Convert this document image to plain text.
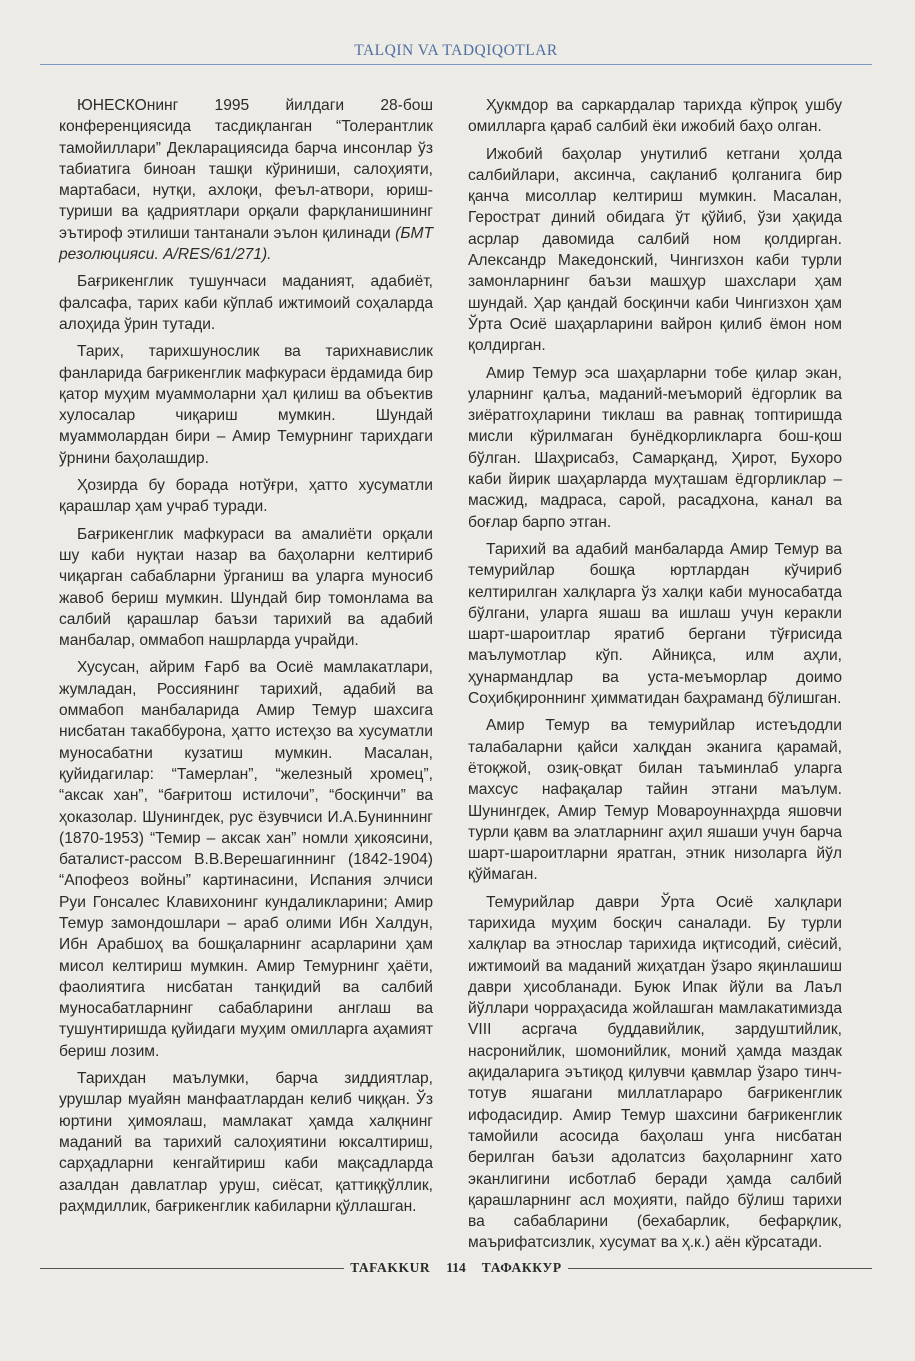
TALQIN VA TADQIQOTLAR

ЮНЕСКОнинг 1995 йилдаги 28-бош конференциясида тасдиқланган “Толерантлик тамойиллари” Декларациясида барча инсонлар ўз табиатига биноан ташқи кўриниши, салоҳияти, мартабаси, нутқи, ахлоқи, феъл-атвори, юриш-туриши ва қадриятлари орқали фарқланишининг эътироф этилиши тантанали эълон қилинади (БМТ резолюцияси. A/RES/61/271).

Бағрикенглик тушунчаси маданият, адабиёт, фалсафа, тарих каби кўплаб ижтимоий соҳаларда алоҳида ўрин тутади.

Тарих, тарихшунослик ва тарихнавислик фанларида бағрикенглик мафкураси ёрдамида бир қатор муҳим муаммоларни ҳал қилиш ва объектив хулосалар чиқариш мумкин. Шундай муаммолардан бири – Амир Темурнинг тарихдаги ўрнини баҳолашдир.

Ҳозирда бу борада нотўғри, ҳатто хусуматли қарашлар ҳам учраб туради.

Бағрикенглик мафкураси ва амалиёти орқали шу каби нуқтаи назар ва баҳоларни келтириб чиқарган сабабларни ўрганиш ва уларга муносиб жавоб бериш мумкин. Шундай бир томонлама ва салбий қарашлар баъзи тарихий ва адабий манбалар, оммабоп нашрларда учрайди.

Хусусан, айрим Ғарб ва Осиё мамлакатлари, жумладан, Россиянинг тарихий, адабий ва оммабоп манбаларида Амир Темур шахсига нисбатан такаббурона, ҳатто истеҳзо ва хусуматли муносабатни кузатиш мумкин. Масалан, қуйидагилар: “Тамерлан”, “железный хромец”, “аксак хан”, “бағритош истилочи”, “босқинчи” ва ҳоказолар. Шунингдек, рус ёзувчиси И.А.Буниннинг (1870-1953) “Темир – аксак хан” номли ҳикоясини, баталист-рассом В.В.Верешагиннинг (1842-1904) “Апофеоз войны” картинасини, Испания элчиси Руи Гонсалес Клавихонинг кундаликларини; Амир Темур замондошлари – араб олими Ибн Халдун, Ибн Арабшоҳ ва бошқаларнинг асарларини ҳам мисол келтириш мумкин. Амир Темурнинг ҳаёти, фаолиятига нисбатан танқидий ва салбий муносабатларнинг сабабларини англаш ва тушунтиришда қуйидаги муҳим омилларга аҳамият бериш лозим.

Тарихдан маълумки, барча зиддиятлар, урушлар муайян манфаатлардан келиб чиққан. Ўз юртини ҳимоялаш, мамлакат ҳамда халқнинг маданий ва тарихий салоҳиятини юксалтириш, сарҳадларни кенгайтириш каби мақсадларда азалдан давлатлар уруш, сиёсат, қаттиққўллик, раҳмдиллик, бағрикенглик кабиларни қўллашган.

Ҳукмдор ва саркардалар тарихда кўпроқ ушбу омилларга қараб салбий ёки ижобий баҳо олган.

Ижобий баҳолар унутилиб кетгани ҳолда салбийлари, аксинча, сақланиб қолганига бир қанча мисоллар келтириш мумкин. Масалан, Герострат диний обидага ўт қўйиб, ўзи ҳақида асрлар давомида салбий ном қолдирган. Александр Македонский, Чингизхон каби турли замонларнинг баъзи машҳур шахслари ҳам шундай. Ҳар қандай босқинчи каби Чингизхон ҳам Ўрта Осиё шаҳарларини вайрон қилиб ёмон ном қолдирган.

Амир Темур эса шаҳарларни тобе қилар экан, уларнинг қалъа, маданий-меъморий ёдгорлик ва зиёратгоҳларини тиклаш ва равнақ топтиришда мисли кўрилмаган бунёдкорликларга бош-қош бўлган. Шаҳрисабз, Самарқанд, Ҳирот, Бухоро каби йирик шаҳарларда муҳташам ёдгорликлар – масжид, мадраса, сарой, расадхона, канал ва боғлар барпо этган.

Тарихий ва адабий манбаларда Амир Темур ва темурийлар бошқа юртлардан кўчириб келтирилган халқларга ўз халқи каби муносабатда бўлгани, уларга яшаш ва ишлаш учун керакли шарт-шароитлар яратиб бергани тўғрисида маълумотлар кўп. Айниқса, илм аҳли, ҳунармандлар ва уста-меъморлар доимо Соҳибқироннинг ҳимматидан баҳраманд бўлишган.

Амир Темур ва темурийлар истеъдодли талабаларни қайси халқдан эканига қарамай, ётоқжой, озиқ-овқат билан таъминлаб уларга махсус нафақалар тайин этгани маълум. Шунингдек, Амир Темур Мовароуннаҳрда яшовчи турли қавм ва элатларнинг аҳил яшаши учун барча шарт-шароитларни яратган, этник низоларга йўл қўймаган.

Темурийлар даври Ўрта Осиё халқлари тарихида муҳим босқич саналади. Бу турли халқлар ва этнослар тарихида иқтисодий, сиёсий, ижтимоий ва маданий жиҳатдан ўзаро яқинлашиш даври ҳисобланади. Буюк Ипак йўли ва Лаъл йўллари чорраҳасида жойлашган мамлакатимизда VIII асргача буддавийлик, зардуштийлик, насронийлик, шомонийлик, моний ҳамда маздак ақидаларига эътиқод қилувчи қавмлар ўзаро тинч-тотув яшагани миллатлараро бағрикенглик ифодасидир. Амир Темур шахсини бағрикенглик тамойили асосида баҳолаш унга нисбатан берилган баъзи адолатсиз баҳоларнинг хато эканлигини исботлаб беради ҳамда салбий қарашларнинг асл моҳияти, пайдо бўлиш тарихи ва сабабларини (бехабарлик, бефарқлик, маърифатсизлик, хусумат ва ҳ.к.) аён кўрсатади.

TAFAKKUR	114	ТАФАККУР
